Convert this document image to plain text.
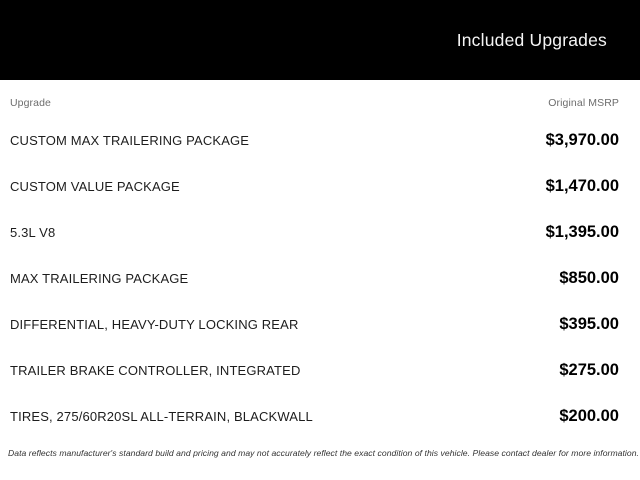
Included Upgrades
Upgrade	Original MSRP
CUSTOM MAX TRAILERING PACKAGE	$3,970.00
CUSTOM VALUE PACKAGE	$1,470.00
5.3L V8	$1,395.00
MAX TRAILERING PACKAGE	$850.00
DIFFERENTIAL, HEAVY-DUTY LOCKING REAR	$395.00
TRAILER BRAKE CONTROLLER, INTEGRATED	$275.00
TIRES, 275/60R20SL ALL-TERRAIN, BLACKWALL	$200.00
Data reflects manufacturer's standard build and pricing and may not accurately reflect the exact condition of this vehicle. Please contact dealer for more information.
